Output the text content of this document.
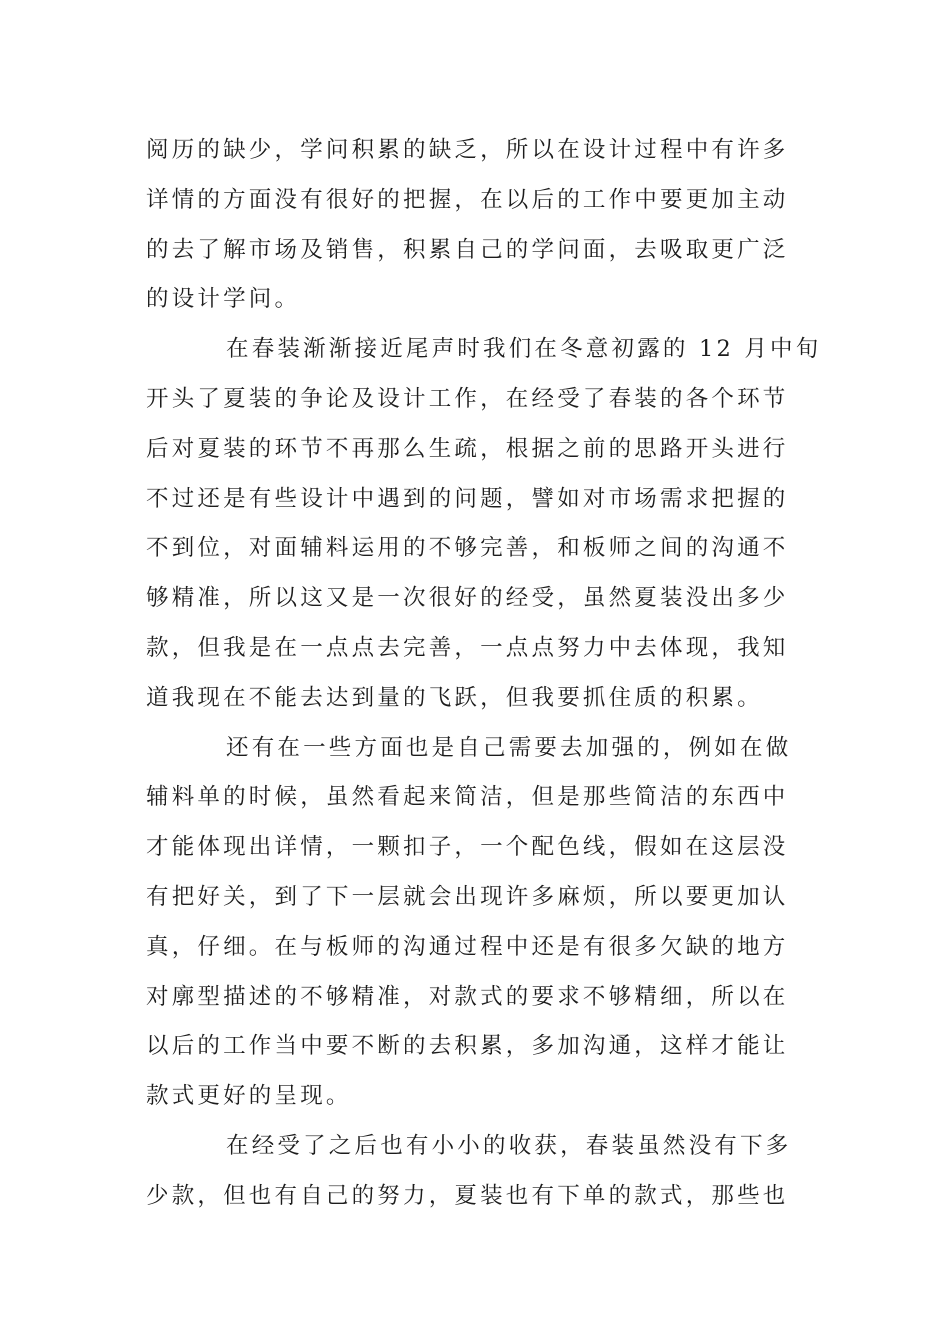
阅历的缺少，学问积累的缺乏，所以在设计过程中有许多
详情的方面没有很好的把握，在以后的工作中要更加主动
的去了解市场及销售，积累自己的学问面，去吸取更广泛
的设计学问。
在春装渐渐接近尾声时我们在冬意初露的 12 月中旬
开头了夏装的争论及设计工作，在经受了春装的各个环节
后对夏装的环节不再那么生疏，根据之前的思路开头进行
不过还是有些设计中遇到的问题，譬如对市场需求把握的
不到位，对面辅料运用的不够完善，和板师之间的沟通不
够精准，所以这又是一次很好的经受，虽然夏装没出多少
款，但我是在一点点去完善，一点点努力中去体现，我知
道我现在不能去达到量的飞跃，但我要抓住质的积累。
还有在一些方面也是自己需要去加强的，例如在做
辅料单的时候，虽然看起来简洁，但是那些简洁的东西中
才能体现出详情，一颗扣子，一个配色线，假如在这层没
有把好关，到了下一层就会出现许多麻烦，所以要更加认
真，仔细。在与板师的沟通过程中还是有很多欠缺的地方
对廓型描述的不够精准，对款式的要求不够精细，所以在
以后的工作当中要不断的去积累，多加沟通，这样才能让
款式更好的呈现。
在经受了之后也有小小的收获，春装虽然没有下多
少款，但也有自己的努力，夏装也有下单的款式，那些也
